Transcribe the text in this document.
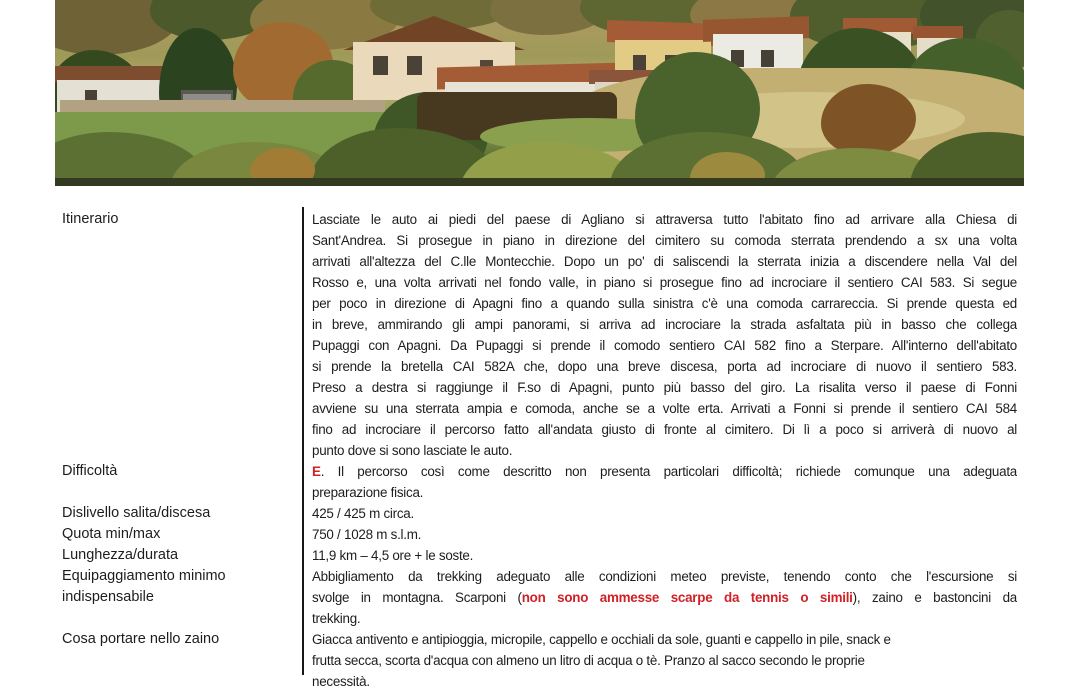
Itinerario
Difficoltà
Dislivello salita/discesa
Quota min/max
Lunghezza/durata
Equipaggiamento minimo
indispensabile
Cosa portare nello zaino
Lasciate le auto ai piedi del paese di Agliano si attraversa tutto l'abitato fino ad arrivare alla Chiesa di
Sant'Andrea. Si prosegue in piano in direzione del cimitero su comoda sterrata prendendo a sx una volta
arrivati all'altezza del C.lle Montecchie. Dopo un po' di saliscendi la sterrata inizia a discendere nella Val del
Rosso e, una volta arrivati nel fondo valle, in piano si prosegue fino ad incrociare il sentiero CAI 583. Si segue
per poco in direzione di Apagni fino a quando sulla sinistra c'è una comoda carrareccia. Si prende questa ed
in breve, ammirando gli ampi panorami, si arriva ad incrociare la strada asfaltata più in basso che collega
Pupaggi con Apagni. Da Pupaggi si prende il comodo sentiero CAI 582 fino a Sterpare. All'interno dell'abitato
si prende la bretella CAI 582A che, dopo una breve discesa, porta ad incrociare di nuovo il sentiero 583.
Preso a destra si raggiunge il F.so di Apagni, punto più basso del giro. La risalita verso il paese di Fonni
avviene su una sterrata ampia e comoda, anche se a volte erta. Arrivati a Fonni si prende il sentiero CAI 584
fino ad incrociare il percorso fatto all'andata giusto di fronte al cimitero. Di lì a poco si arriverà di nuovo al
punto dove si sono lasciate le auto.
E. Il percorso così come descritto non presenta particolari difficoltà; richiede comunque una adeguata
preparazione fisica.
425 / 425 m circa.
750 / 1028 m s.l.m.
11,9 km – 4,5 ore + le soste.
Abbigliamento da trekking adeguato alle condizioni meteo previste, tenendo conto che l'escursione si
svolge in montagna. Scarponi (non sono ammesse scarpe da tennis o simili), zaino e bastoncini da
trekking.
Giacca antivento e antipioggia, micropile, cappello e occhiali da sole, guanti e cappello in pile, snack e
frutta secca, scorta d'acqua con almeno un litro di acqua o tè. Pranzo al sacco secondo le proprie
necessità.
